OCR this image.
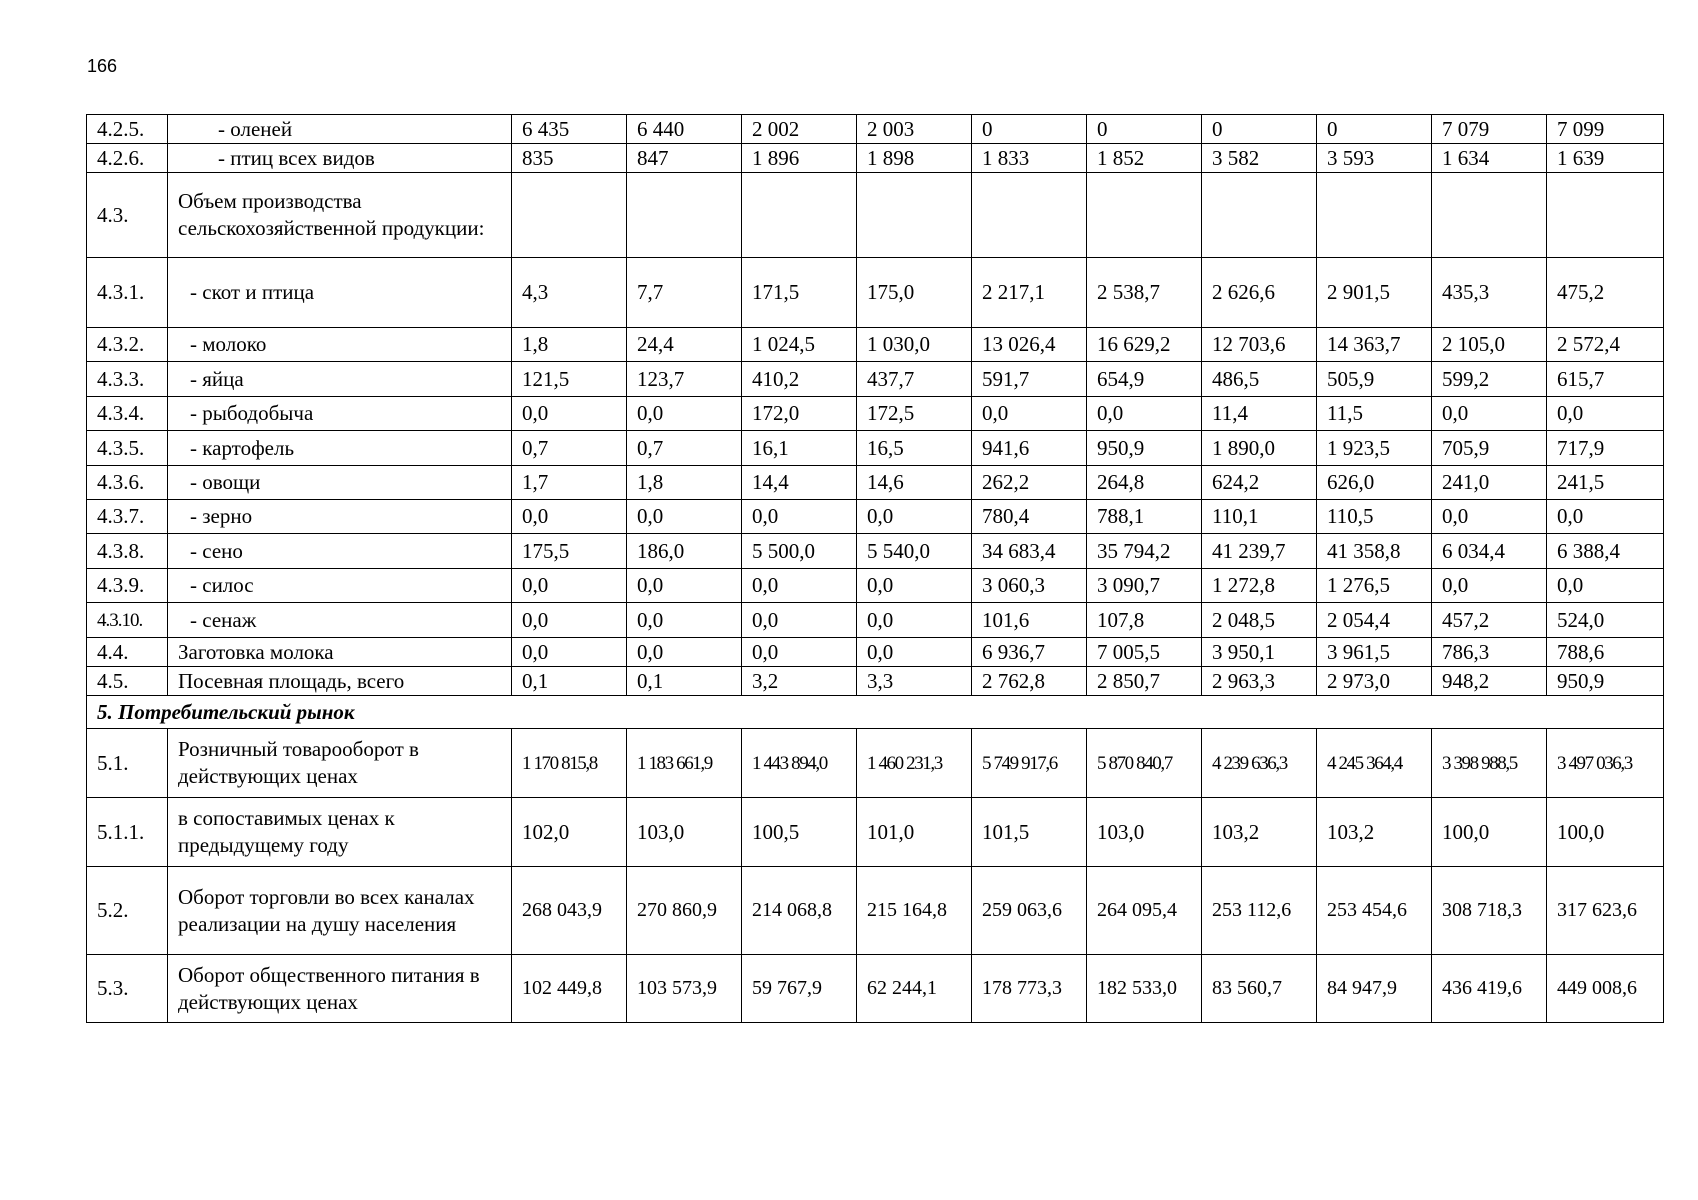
166
4.2.5.	- оленей	6 435	6 440	2 002	2 003	0	0	0	0	7 079	7 099
4.2.6.	- птиц всех видов	835	847	1 896	1 898	1 833	1 852	3 582	3 593	1 634	1 639
4.3.	Объем производства сельскохозяйственной продукции:										
4.3.1.	- скот и птица	4,3	7,7	171,5	175,0	2 217,1	2 538,7	2 626,6	2 901,5	435,3	475,2
4.3.2.	- молоко	1,8	24,4	1 024,5	1 030,0	13 026,4	16 629,2	12 703,6	14 363,7	2 105,0	2 572,4
4.3.3.	- яйца	121,5	123,7	410,2	437,7	591,7	654,9	486,5	505,9	599,2	615,7
4.3.4.	- рыбодобыча	0,0	0,0	172,0	172,5	0,0	0,0	11,4	11,5	0,0	0,0
4.3.5.	- картофель	0,7	0,7	16,1	16,5	941,6	950,9	1 890,0	1 923,5	705,9	717,9
4.3.6.	- овощи	1,7	1,8	14,4	14,6	262,2	264,8	624,2	626,0	241,0	241,5
4.3.7.	- зерно	0,0	0,0	0,0	0,0	780,4	788,1	110,1	110,5	0,0	0,0
4.3.8.	- сено	175,5	186,0	5 500,0	5 540,0	34 683,4	35 794,2	41 239,7	41 358,8	6 034,4	6 388,4
4.3.9.	- силос	0,0	0,0	0,0	0,0	3 060,3	3 090,7	1 272,8	1 276,5	0,0	0,0
4.3.10.	- сенаж	0,0	0,0	0,0	0,0	101,6	107,8	2 048,5	2 054,4	457,2	524,0
4.4.	Заготовка молока	0,0	0,0	0,0	0,0	6 936,7	7 005,5	3 950,1	3 961,5	786,3	788,6
4.5.	Посевная площадь, всего	0,1	0,1	3,2	3,3	2 762,8	2 850,7	2 963,3	2 973,0	948,2	950,9
5. Потребительский рынок											
5.1.	Розничный товарооборот в действующих ценах	1 170 815,8	1 183 661,9	1 443 894,0	1 460 231,3	5 749 917,6	5 870 840,7	4 239 636,3	4 245 364,4	3 398 988,5	3 497 036,3
5.1.1.	в сопоставимых ценах к предыдущему году	102,0	103,0	100,5	101,0	101,5	103,0	103,2	103,2	100,0	100,0
5.2.	Оборот торговли во всех каналах реализации на душу населения	268 043,9	270 860,9	214 068,8	215 164,8	259 063,6	264 095,4	253 112,6	253 454,6	308 718,3	317 623,6
5.3.	Оборот общественного питания в действующих ценах	102 449,8	103 573,9	59 767,9	62 244,1	178 773,3	182 533,0	83 560,7	84 947,9	436 419,6	449 008,6
